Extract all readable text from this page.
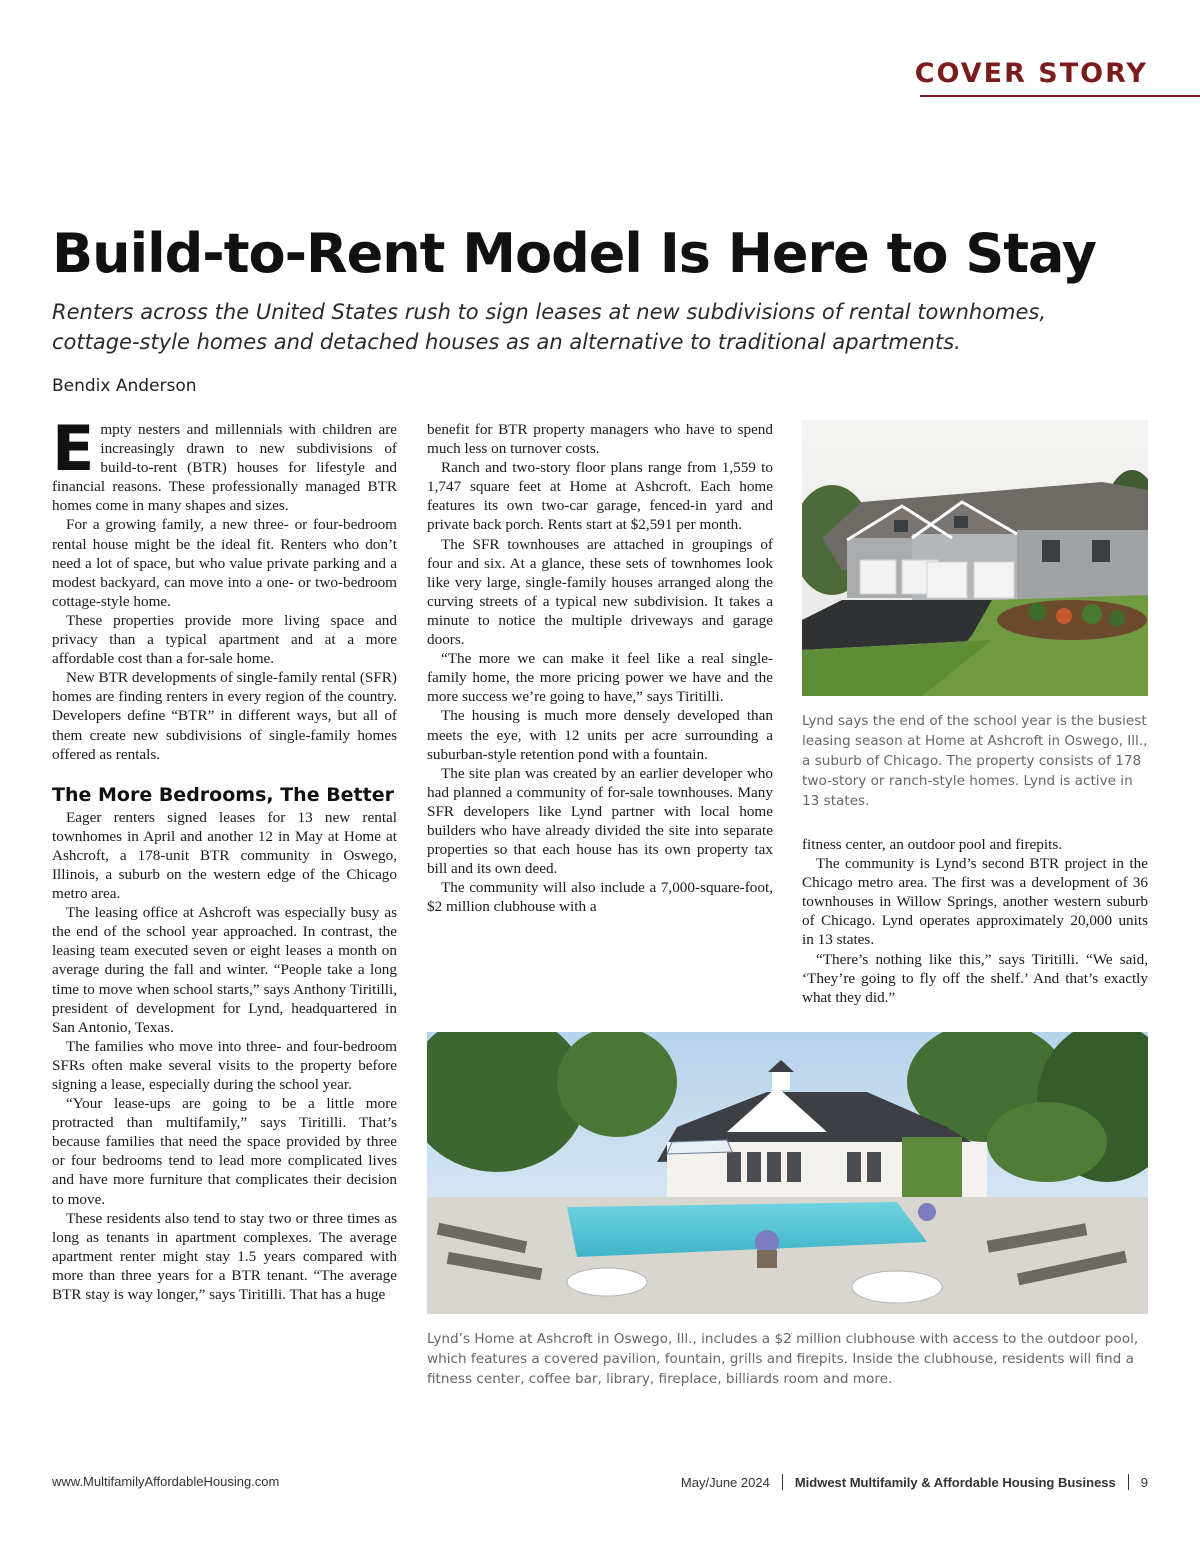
COVER STORY
Build-to-Rent Model Is Here to Stay

Renters across the United States rush to sign leases at new subdivisions of rental townhomes, cottage-style homes and detached houses as an alternative to traditional apartments.

Bendix Anderson

Empty nesters and millennials with children are increasingly drawn to new subdivisions of build-to-rent (BTR) houses for lifestyle and financial reasons. These professionally managed BTR homes come in many shapes and sizes.

For a growing family, a new three- or four-bedroom rental house might be the ideal fit. Renters who don’t need a lot of space, but who value private parking and a modest backyard, can move into a one- or two-bedroom cottage-style home.

These properties provide more living space and privacy than a typical apartment and at a more affordable cost than a for-sale home.

New BTR developments of single-family rental (SFR) homes are finding renters in every region of the country. Developers define “BTR” in different ways, but all of them create new subdivisions of single-family homes offered as rentals.

The More Bedrooms, The Better

Eager renters signed leases for 13 new rental townhomes in April and another 12 in May at Home at Ashcroft, a 178-unit BTR community in Oswego, Illinois, a suburb on the western edge of the Chicago metro area.

The leasing office at Ashcroft was especially busy as the end of the school year approached. In contrast, the leasing team executed seven or eight leases a month on average during the fall and winter. “People take a long time to move when school starts,” says Anthony Tiritilli, president of development for Lynd, headquartered in San Antonio, Texas.

The families who move into three- and four-bedroom SFRs often make several visits to the property before signing a lease, especially during the school year.

“Your lease-ups are going to be a little more protracted than multifamily,” says Tiritilli. That’s because families that need the space provided by three or four bedrooms tend to lead more complicated lives and have more furniture that complicates their decision to move.

These residents also tend to stay two or three times as long as tenants in apartment complexes. The average apartment renter might stay 1.5 years compared with more than three years for a BTR tenant. “The average BTR stay is way longer,” says Tiritilli. That has a huge

benefit for BTR property managers who have to spend much less on turnover costs.

Ranch and two-story floor plans range from 1,559 to 1,747 square feet at Home at Ashcroft. Each home features its own two-car garage, fenced-in yard and private back porch. Rents start at $2,591 per month.

The SFR townhouses are attached in groupings of four and six. At a glance, these sets of townhomes look like very large, single-family houses arranged along the curving streets of a typical new subdivision. It takes a minute to notice the multiple driveways and garage doors.

“The more we can make it feel like a real single-family home, the more pricing power we have and the more success we’re going to have,” says Tiritilli.

The housing is much more densely developed than meets the eye, with 12 units per acre surrounding a suburban-style retention pond with a fountain.

The site plan was created by an earlier developer who had planned a community of for-sale townhouses. Many SFR developers like Lynd partner with local home builders who have already divided the site into separate properties so that each house has its own property tax bill and its own deed.

The community will also include a 7,000-square-foot, $2 million clubhouse with a

Lynd says the end of the school year is the busiest leasing season at Home at Ashcroft in Oswego, Ill., a suburb of Chicago. The property consists of 178 two-story or ranch-style homes. Lynd is active in 13 states.

fitness center, an outdoor pool and firepits.

The community is Lynd’s second BTR project in the Chicago metro area. The first was a development of 36 townhouses in Willow Springs, another western suburb of Chicago. Lynd operates approximately 20,000 units in 13 states.

“There’s nothing like this,” says Tiritilli. “We said, ‘They’re going to fly off the shelf.’ And that’s exactly what they did.”

Lynd’s Home at Ashcroft in Oswego, Ill., includes a $2 million clubhouse with access to the outdoor pool, which features a covered pavilion, fountain, grills and firepits. Inside the clubhouse, residents will find a fitness center, coffee bar, library, fireplace, billiards room and more.
www.MultifamilyAffordableHousing.com	May/June 2024 Midwest Multifamily & Affordable Housing Business 9
